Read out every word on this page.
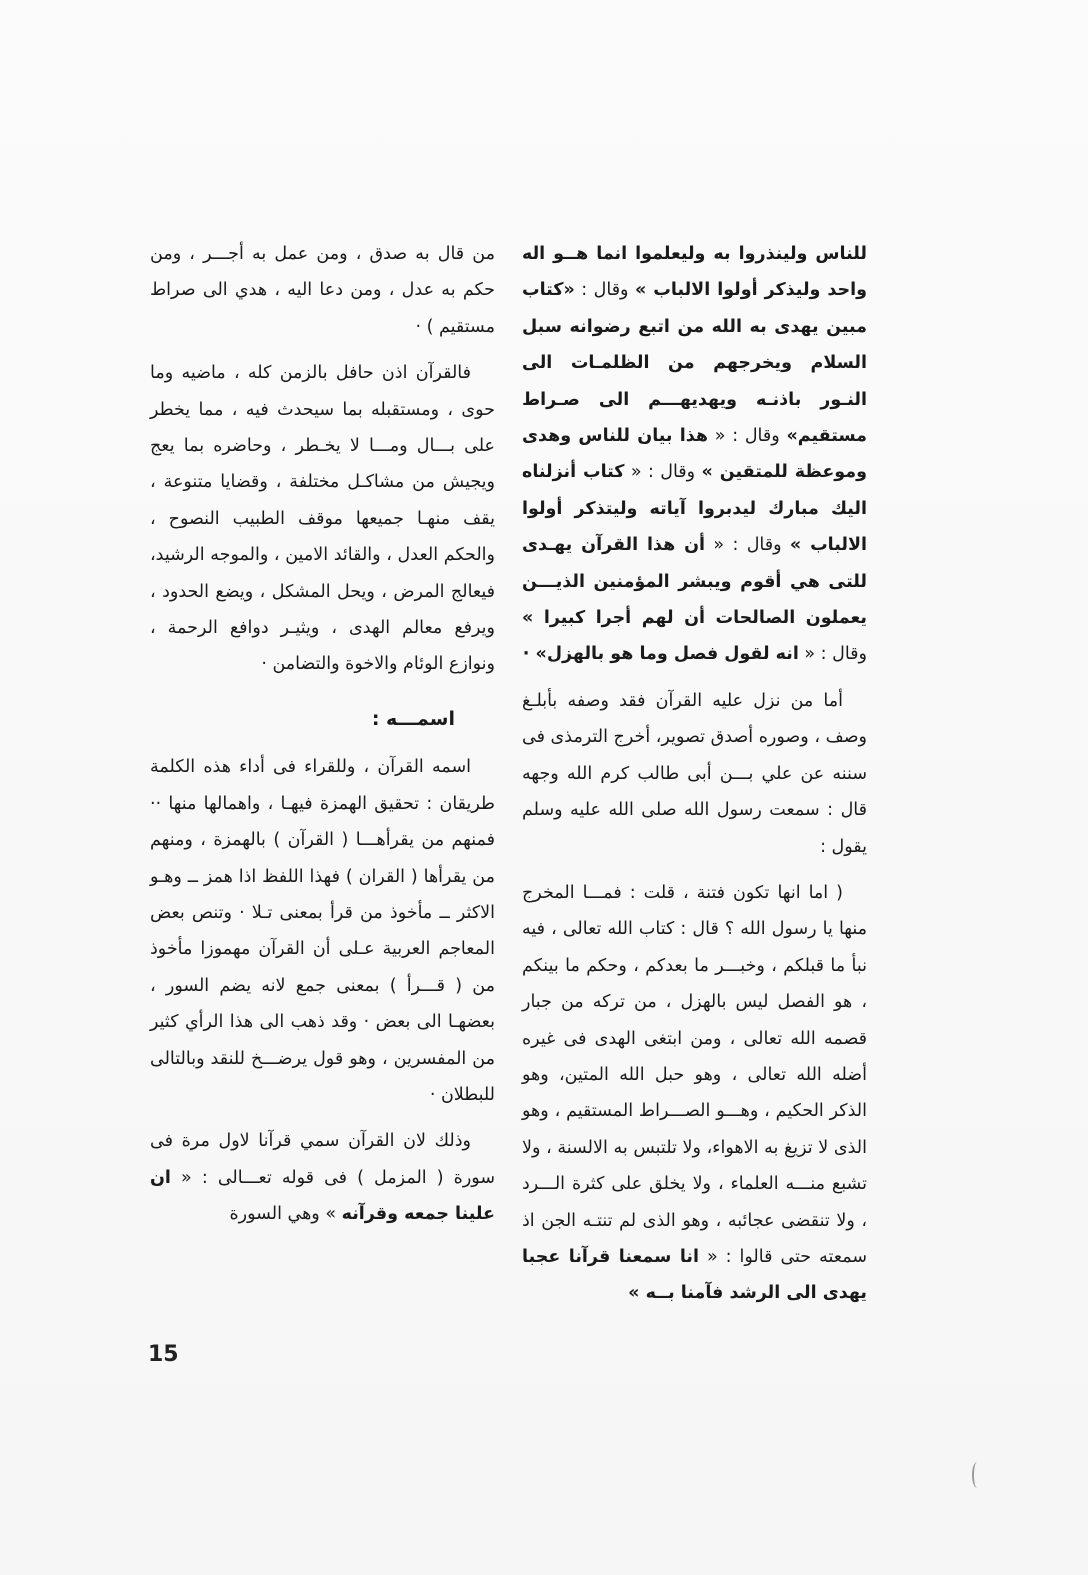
للناس ولينذروا به وليعلموا انما هــو اله واحد وليذكر أولوا الالباب » وقال : «كتاب مبين يهدى به الله من اتبع رضوانه سبل السلام ويخرجهم من الظلمـات الى النـور باذنـه ويهديهـــم الى صـراط مستقيم» وقال : « هذا بيان للناس وهدى وموعظة للمتقين » وقال : « كتاب أنزلناه اليك مبارك ليدبروا آياته وليتذكر أولوا الالباب » وقال : « أن هذا القرآن يهـدى للتى هي أقوم ويبشر المؤمنين الذيـــن يعملون الصالحات أن لهم أجرا كبيرا » وقال : « انه لقول فصل وما هو بالهزل» ·

أما من نزل عليه القرآن فقد وصفه بأبلـغ وصف ، وصوره أصدق تصوير، أخرج الترمذى فى سننه عن علي بـــن أبى طالب كرم الله وجهه قال : سمعت رسول الله صلى الله عليه وسلم يقول :

( اما انها تكون فتنة ، قلت : فمـــا المخرج منها يا رسول الله ؟ قال : كتاب الله تعالى ، فيه نبأ ما قبلكم ، وخبـــر ما بعدكم ، وحكم ما بينكم ، هو الفصل ليس بالهزل ، من تركه من جبار قصمه الله تعالى ، ومن ابتغى الهدى فى غيره أضله الله تعالى ، وهو حبل الله المتين، وهو الذكر الحكيم ، وهـــو الصـــراط المستقيم ، وهو الذى لا تزيغ به الاهواء، ولا تلتبس به الالسنة ، ولا تشبع منـــه العلماء ، ولا يخلق على كثرة الـــرد ، ولا تنقضى عجائبه ، وهو الذى لم تنتـه الجن اذ سمعته حتى قالوا : « انا سمعنا قرآنا عجبا يهدى الى الرشد فآمنا بــه »

من قال به صدق ، ومن عمل به أجـــر ، ومن حكم به عدل ، ومن دعا اليه ، هدي الى صراط مستقيم ) ·

فالقرآن اذن حافل بالزمن كله ، ماضيه وما حوى ، ومستقبله بما سيحدث فيه ، مما يخطر على بـــال ومـــا لا يخـطر ، وحاضره بما يعج ويجيش من مشاكـل مختلفة ، وقضايا متنوعة ، يقف منهـا جميعها موقف الطبيب النصوح ، والحكم العدل ، والقائد الامين ، والموجه الرشيد، فيعالج المرض ، ويحل المشكل ، ويضع الحدود ، ويرفع معالم الهدى ، ويثيـر دوافع الرحمة ، ونوازع الوئام والاخوة والتضامن ·

اسمـــه :

اسمه القرآن ، وللقراء فى أداء هذه الكلمة طريقان : تحقيق الهمزة فيهـا ، واهمالها منها ·· فمنهم من يقرأهـــا ( القرآن ) بالهمزة ، ومنهم من يقرأها ( القران ) فهذا اللفظ اذا همز ــ وهـو الاكثر ــ مأخوذ من قرأ بمعنى تـلا · وتنص بعض المعاجم العربية عـلى أن القرآن مهموزا مأخوذ من ( قـــرأ ) بمعنى جمع لانه يضم السور ، بعضهـا الى بعض · وقد ذهب الى هذا الرأي كثير من المفسرين ، وهو قول يرضـــخ للنقد وبالتالى للبطلان ·

وذلك لان القرآن سمي قرآنا لاول مرة فى سورة ( المزمل ) فى قوله تعـــالى : « ان علينا جمعه وقرآنه » وهي السورة

15
